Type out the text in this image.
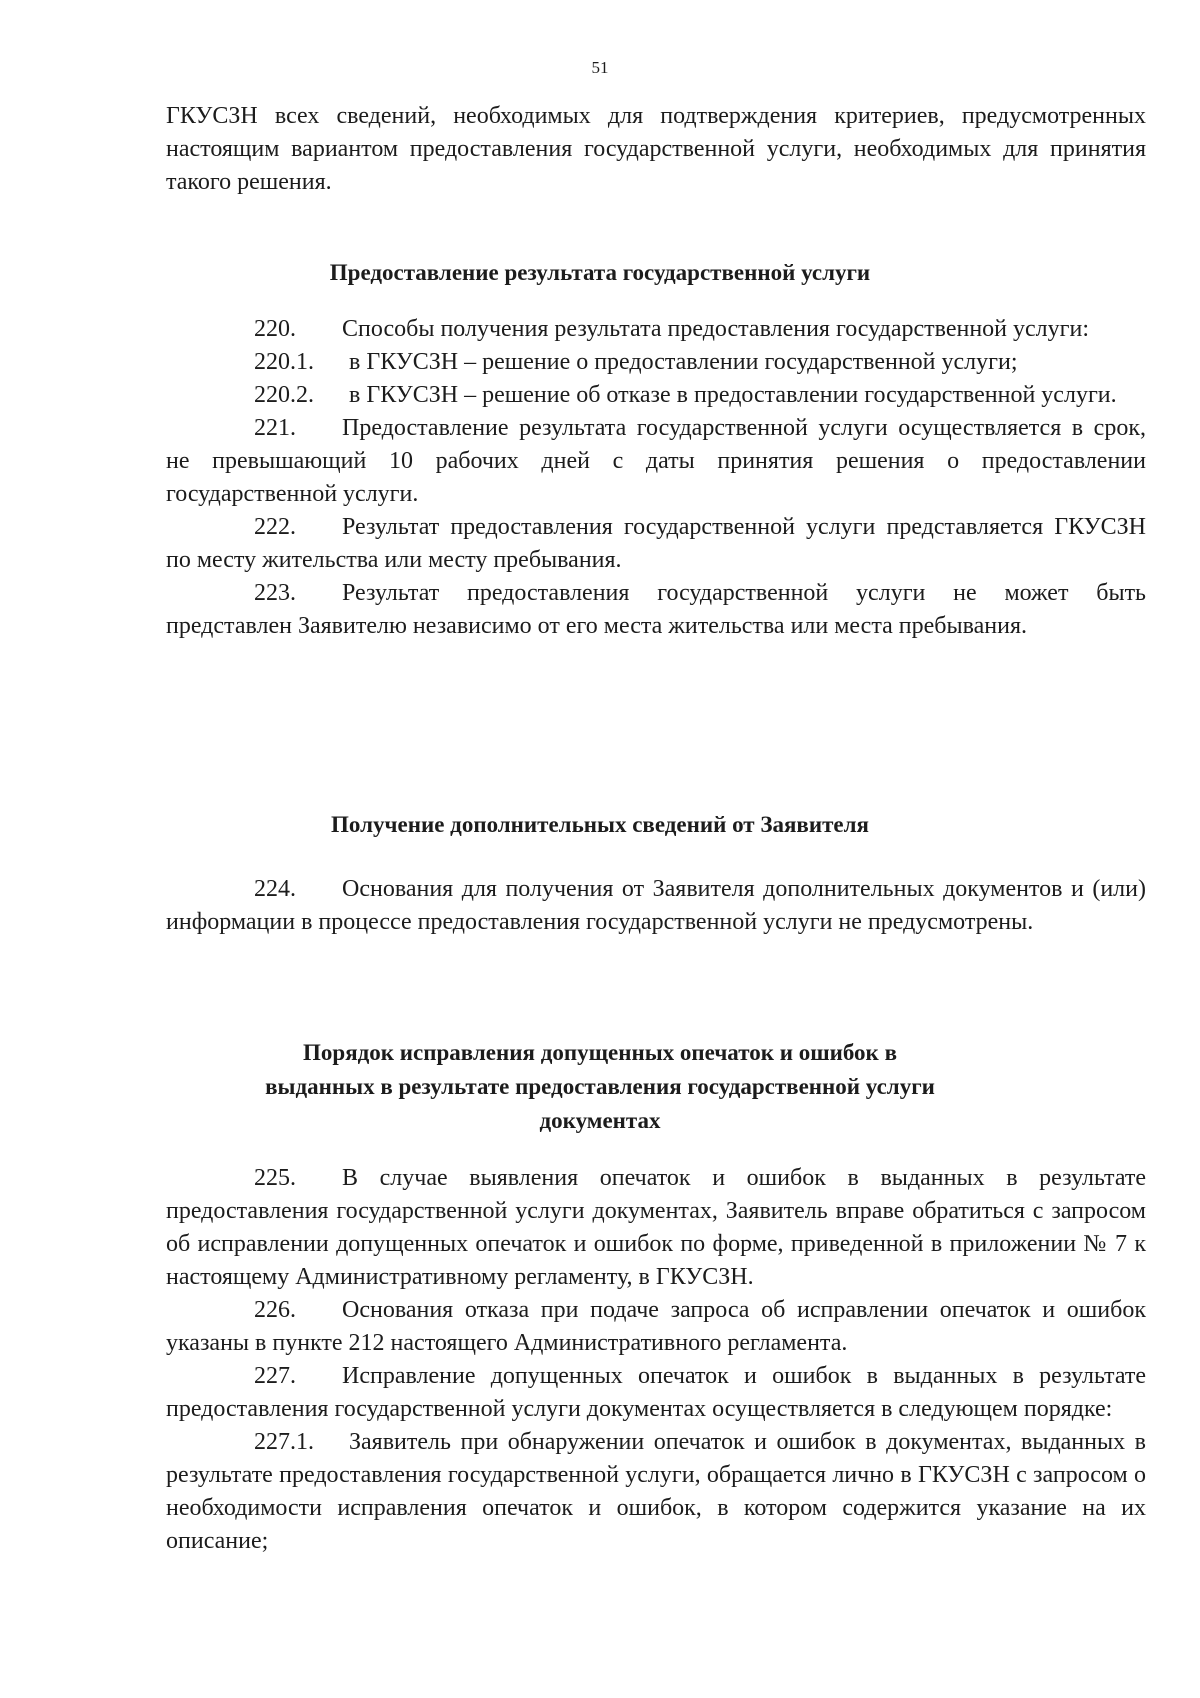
51

ГКУСЗН всех сведений, необходимых для подтверждения критериев, предусмотренных настоящим вариантом предоставления государственной услуги, необходимых для принятия такого решения.

Предоставление результата государственной услуги

220. Способы получения результата предоставления государственной услуги:

220.1. в ГКУСЗН – решение о предоставлении государственной услуги;

220.2. в ГКУСЗН – решение об отказе в предоставлении государственной услуги.

221. Предоставление результата государственной услуги осуществляется в срок, не превышающий 10 рабочих дней с даты принятия решения о предоставлении государственной услуги.

222. Результат предоставления государственной услуги представляется ГКУСЗН по месту жительства или месту пребывания.

223. Результат предоставления государственной услуги не может быть представлен Заявителю независимо от его места жительства или места пребывания.

Получение дополнительных сведений от Заявителя

224. Основания для получения от Заявителя дополнительных документов и (или) информации в процессе предоставления государственной услуги не предусмотрены.

Порядок исправления допущенных опечаток и ошибок в
выданных в результате предоставления государственной услуги
документах

225. В случае выявления опечаток и ошибок в выданных в результате предоставления государственной услуги документах, Заявитель вправе обратиться с запросом об исправлении допущенных опечаток и ошибок по форме, приведенной в приложении № 7 к настоящему Административному регламенту, в ГКУСЗН.

226. Основания отказа при подаче запроса об исправлении опечаток и ошибок указаны в пункте 212 настоящего Административного регламента.

227. Исправление допущенных опечаток и ошибок в выданных в результате предоставления государственной услуги документах осуществляется в следующем порядке:

227.1. Заявитель при обнаружении опечаток и ошибок в документах, выданных в результате предоставления государственной услуги, обращается лично в ГКУСЗН с запросом о необходимости исправления опечаток и ошибок, в котором содержится указание на их описание;
